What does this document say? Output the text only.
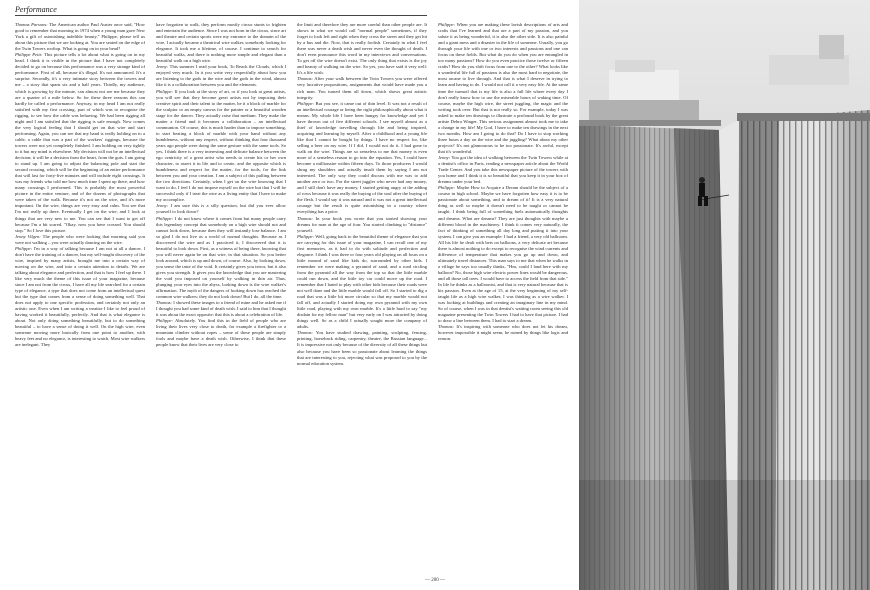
Performance

Thomas Parsons: The American author Paul Auster once said, "How good to remember that morning in 1974 when a young man gave New York a gift of astonishing indelible beauty." Philippe, please tell us about this picture that we are looking at. You are seated on the edge of the Twin Towers rooftop. What is going on in your head?

Philippe Petit: This picture tells a lot about what is going on in my head. I think it is visible in the picture that I have not completely decided to go on because this performance was a very strange kind of performance. First of all, because it's illegal. It's not announced. It's a surprise. Secondly, it's a very intimate story between the towers and me – a story that spans six and a half years. Thirdly, my audience, which is growing by the minute, can almost not see me because they are a quarter of a mile below. So for these three reasons this can hardly be called a performance. Anyway, in my head I am not really satisfied with my first crossing, part of which was to recognise the rigging, to see how the cable was behaving. We had been rigging all night and I am satisfied that the rigging is safe enough. Now comes the very logical feeling that I should get on that wire and start performing. Again, you can see that my hand is really holding on to a cable, a cable that was a part of the workers' riggings, because the towers were not yet completely finished. I am holding on very tightly to it but my mind is elsewhere. My decision will not be an intellectual decision; it will be a decision from the heart, from the guts. I am going to stand up. I am going to adjust the balancing pole and start the second crossing, which will be the beginning of an entire performance that will last for forty-five minutes and will include eight crossings. It was my friends who told me how much time I spent up there, and how many crossings I performed. This is probably the most powerful picture in the entire venture, and of the dozens of photographs that were taken of the walk. Because it's not on the wire, and it's more important. On the wire, things are very easy and calm. You see that I'm not really up there. Eventually I get on the wire, and I look at things that are very new to me. You can see that I want to get off because I'm a bit scared. "Okay, now you have crossed. You should stop." So I love this picture.

Jenny Vilgen: The people who were looking that morning said you were not walking – you were actually dancing on the wire.

Philippe: I'm in a way of talking because I am not at all a dancer. I don't have the training of a dancer, but my self-taught discovery of the wire, inspired by many artists, brought me into a certain way of moving on the wire, and into a certain attention to details. We are talking about elegance and perfection, and that is how I feel up there. I like very much the theme of this issue of your magazine, because since I am not from the circus, I have all my life searched for a certain type of elegance, a type that does not come from an intellectual quest but the type that comes from a sense of doing something well. That does not apply to one specific profession, and certainly not only an artistic one. Even when I am writing a treatise I like to feel proud of having worked it beautifully, perfectly. And that is what elegance is about. Not only doing something beautifully, but to do something beautiful – to have a sense of doing it well. On the high wire, even someone moving more basically from one point to another, with heavy feet and no elegance, is interesting to watch. Most wire walkers are inelegant. They

have forgotten to walk, they perform mostly circus stunts to frighten and entertain the audience. Since I was not born in the circus, since art and theatre and certain sports were my entrance to the domain of the wire, I actually became a theatrical wire walker, somebody looking for elegance. It took me a lifetime, of course. I continue to search for beautiful walks, and there is nothing more simple and elegant than a beautiful walk on a high wire.

Jenny: This summer I read your book, To Reach the Clouds, which I enjoyed very much. In it you write very respectfully about how you are listening to the gods in the wire and the gods in the wind, almost like it is a collaboration between you and the elements.

Philippe: If you look at the story of art, or if you look at great artists, you will see that they become great artists not by imposing their creative spirit and their talent to the matter, be it a block of marble for the sculptor or an empty canvas for the painter or a beautiful wooden stage for the dancer. They actually raise that medium. They make the matter a friend and it becomes a collaboration – an intellectual communion. Of course, this is much harder than to impose something, to start beating a block of marble with your hand without any humbleness, without any respect, without thinking that four thousand years ago people were doing the same gesture with the same tools. So yes, I think there is a very interesting and delicate balance between the ego centricity of a great artist who needs to create his or her own character, to assert it in life and to create, and the opposite which is humbleness and respect for the matter, for the tools, for the link between you and your creation. I am a subject of this pulling between the two directions. Certainly, when I get on the wire knowing that I want to do, I feel I do not impose myself on the wire but that I will be successful only if I treat the wire as a living entity that I have to make my accomplice.

Jenny: I am sure this is a silly question, but did you ever allow yourself to look down?

Philippe: I do not know where it comes from but many people carry this legendary concept that somebody on a high wire should not and cannot look down, because then they will instantly lose balance. I am so glad I do not live as a world of normal thoughts. Because as I discovered the wire and as I practiced it, I discovered that it is beautiful to look down. First, as a witness of being there, knowing that you will never again be on that wire, in that situation. So you better look around, which is up and down, of course. Also, by looking down, you sense the taste of the void. It certainly gives you terror, but it also gives you strength. It gives you the knowledge that you are mastering the void you imposed on yourself by walking in thin air. Thus, plunging your eyes into the abyss, looking down is the wire walker's affirmation. The myth of the dangers of looking down has reached the common wire walkers; they do not look down! But I do, all the time.

Thomas: I showed these images to a friend of mine and he asked me if I thought you had some kind of death wish. I said to him that I thought it was about the exact opposite; that this is about a celebration of life.

Philippe: Absolutely. You find this in the field of people who are living their lives very close to death, for example a firefighter or a mountain climber without ropes – some of these people are simply fools and maybe have a death wish. Otherwise, I think that these people know that their lives are very close to

the limit and therefore they are more careful than other people are. It shows in what we would call "normal people" sometimes, if they forget to look left and right when they cross the street and they get hit by a bus and die. Now, that is really foolish. Certainly in what I feel there was never a death wish and never even the thought of death. I don't even pronounce this word in my interviews and conversations. To get off the wire doesn't exist. The only thing that exists is the joy and beauty of walking on the wire. So yes, you have said it very well: It's a life wish.

Thomas: After your walk between the Twin Towers you were offered very lucrative propositions, assignments that would have made you a rich man. You turned them all down, which shows great artistic integrity.

Philippe: But you see, it came out of thin level. It was not a result of an intellectual courage or being the right philosophically about what it means. My whole life I have been hungry for knowledge and yet I have thrown out of five different schools. I see myself almost as a thief of knowledge travelling through life and being inspired, acquiring and learning by myself. After a childhood and a young life like that I cannot be bought by things. I have no respect for, like selling a beer on my wire. If I did, I would not do it. I had gone to walk on the wire. Things are so senseless to me that money is even more of a senseless reason to go into the equation. Yes, I could have become a millionaire within fifteen days. To those producers I would shrug my shoulders and actually insult them by saying I am not interested. The only way they could discuss with me was to add another zero or two. For the street juggler who never had any money, and I still don't have any money, I started getting angry at the adding of rows because it was really the buying of the soul after the buying of the flesh. I would say it was natural and it was not a great intellectual courage but the result is quite astonishing in a country where everything has a price.

Thomas: In your book you wrote that you started showing your dreams for man at the age of four. You started climbing to "distance" yourself.

Philippe: Well, going back to the beautiful theme of elegance that you are carrying for this issue of your magazine, I can recall one of my first memories, as it had to do with solitude and perfection and elegance. I think I was three or four years old playing on all fours on a little mound of sand like kids do, surrounded by other kids. I remember we were making a pyramid of sand, and a road circling from the pyramid all the way from the top so that the little marble could run down, and the little toy car could move up the road. I remember that I hated to play with other kids because their roads were not well done and the little marble would fall off. So I started to dig a road that was a little bit more circular so that my marble would not fall off, and actually I started doing my own pyramid with my own little road, playing with my own marble. It's a little hard to say "my disdain for my fellow man" but very early on I was attracted by doing things well. So as a child I actually sought more the company of adults.

Thomas: You have studied drawing, painting, sculpting, fencing, printing, horseback riding, carpentry, theatre, the Russian language... It is impressive not only because of the diversity of all these things but also because you have been so passionate about learning the things that are interesting to you, rejecting what was proposed to you by the normal education system.

Philippe: When you are making these lavish descriptions of arts and crafts that I've learned and that are a part of my passion, and you salute it as being wonderful, it is also the other side. It is also painful and a giant mess and a disaster in the life of someone. Usually, you go through your life with one or two interests and passions and one can focus on these fields. But what do you do when you are entangled in too many passions? How do you even practice those twelve or fifteen crafts? How do you shift focus from one to the other? What looks like a wonderful life full of passions is also the most hard to negotiate, the most arcane to live through. And that is what I deserve in trying to learn and having to do. I would not call it a very easy life. At the same time the turmoil that is my life is also a full life where every day I don't really know how to use the miserable hours of waking time. Of course, maybe the high wire, the street juggling, the magic and the writing took over. But that is not really so. For example, today I was asked to make ten drawings to illustrate a profound book by the great artiste Debra Winger. This serious assignment almost took me to take a change in my life! My God, I have to make ten drawings in the next two months. How am I going to do that? Do I have to stop working three hours a day on the wire and the juggling? What about my other projects? It's not glamourous to be too passionate. It's awful, except that it's wonderful.

Jenny: You got the idea of walking between the Twin Towers while at a dentist's office in Paris, reading a newspaper article about the World Trade Center. And you take this newspaper picture of the towers with you home and I think it is so beautiful that you keep it in your box of dreams under your bed.

Philippe: Maybe How to Acquire a Dream should be the subject of a course in high school. Maybe we have forgotten how easy it is to be passionate about something, and to dream of it! It is a very natural thing as well so maybe it doesn't need to be taught or cannot be taught. I think being full of something fuels automatically thoughts and dreams. What are dreams? They are just thoughts with maybe a different blood in the machinery. I think it comes very naturally, the fact of thinking of something all day long and putting it into your system. I can give you an example: I had a friend, a very old ballroom. All his life he dealt with bets on balloons, a very delicate art because there is almost nothing to do except to recognise the wind currents and difference of temperature that makes you go up and down, and ultimately travel distances. This man says to me that when he walks in a village he says too usually thinks, "Hm, could I land here with my balloon? No, those high wire electric power lines would be dangerous, and all those tall trees. I would have to access the field from that side." In life he thinks as a balloonist, and that is very natural because that is his passion. Even at the age of 15, at the very beginning of my self-taught life as a high wire walker, I was thinking as a wire walker. I was looking at buildings and creating an imaginary line in my mind. So of course, when I was in that dentist's waiting room seeing this old magazine presenting the Twin Towers I had to have that picture. I had to draw a line between them. I had to start a dream.

Thomas: It's inspiring with someone who does not let his dream, however impossible it might seem, be ruined by things like logic and reason.

— 200 —
